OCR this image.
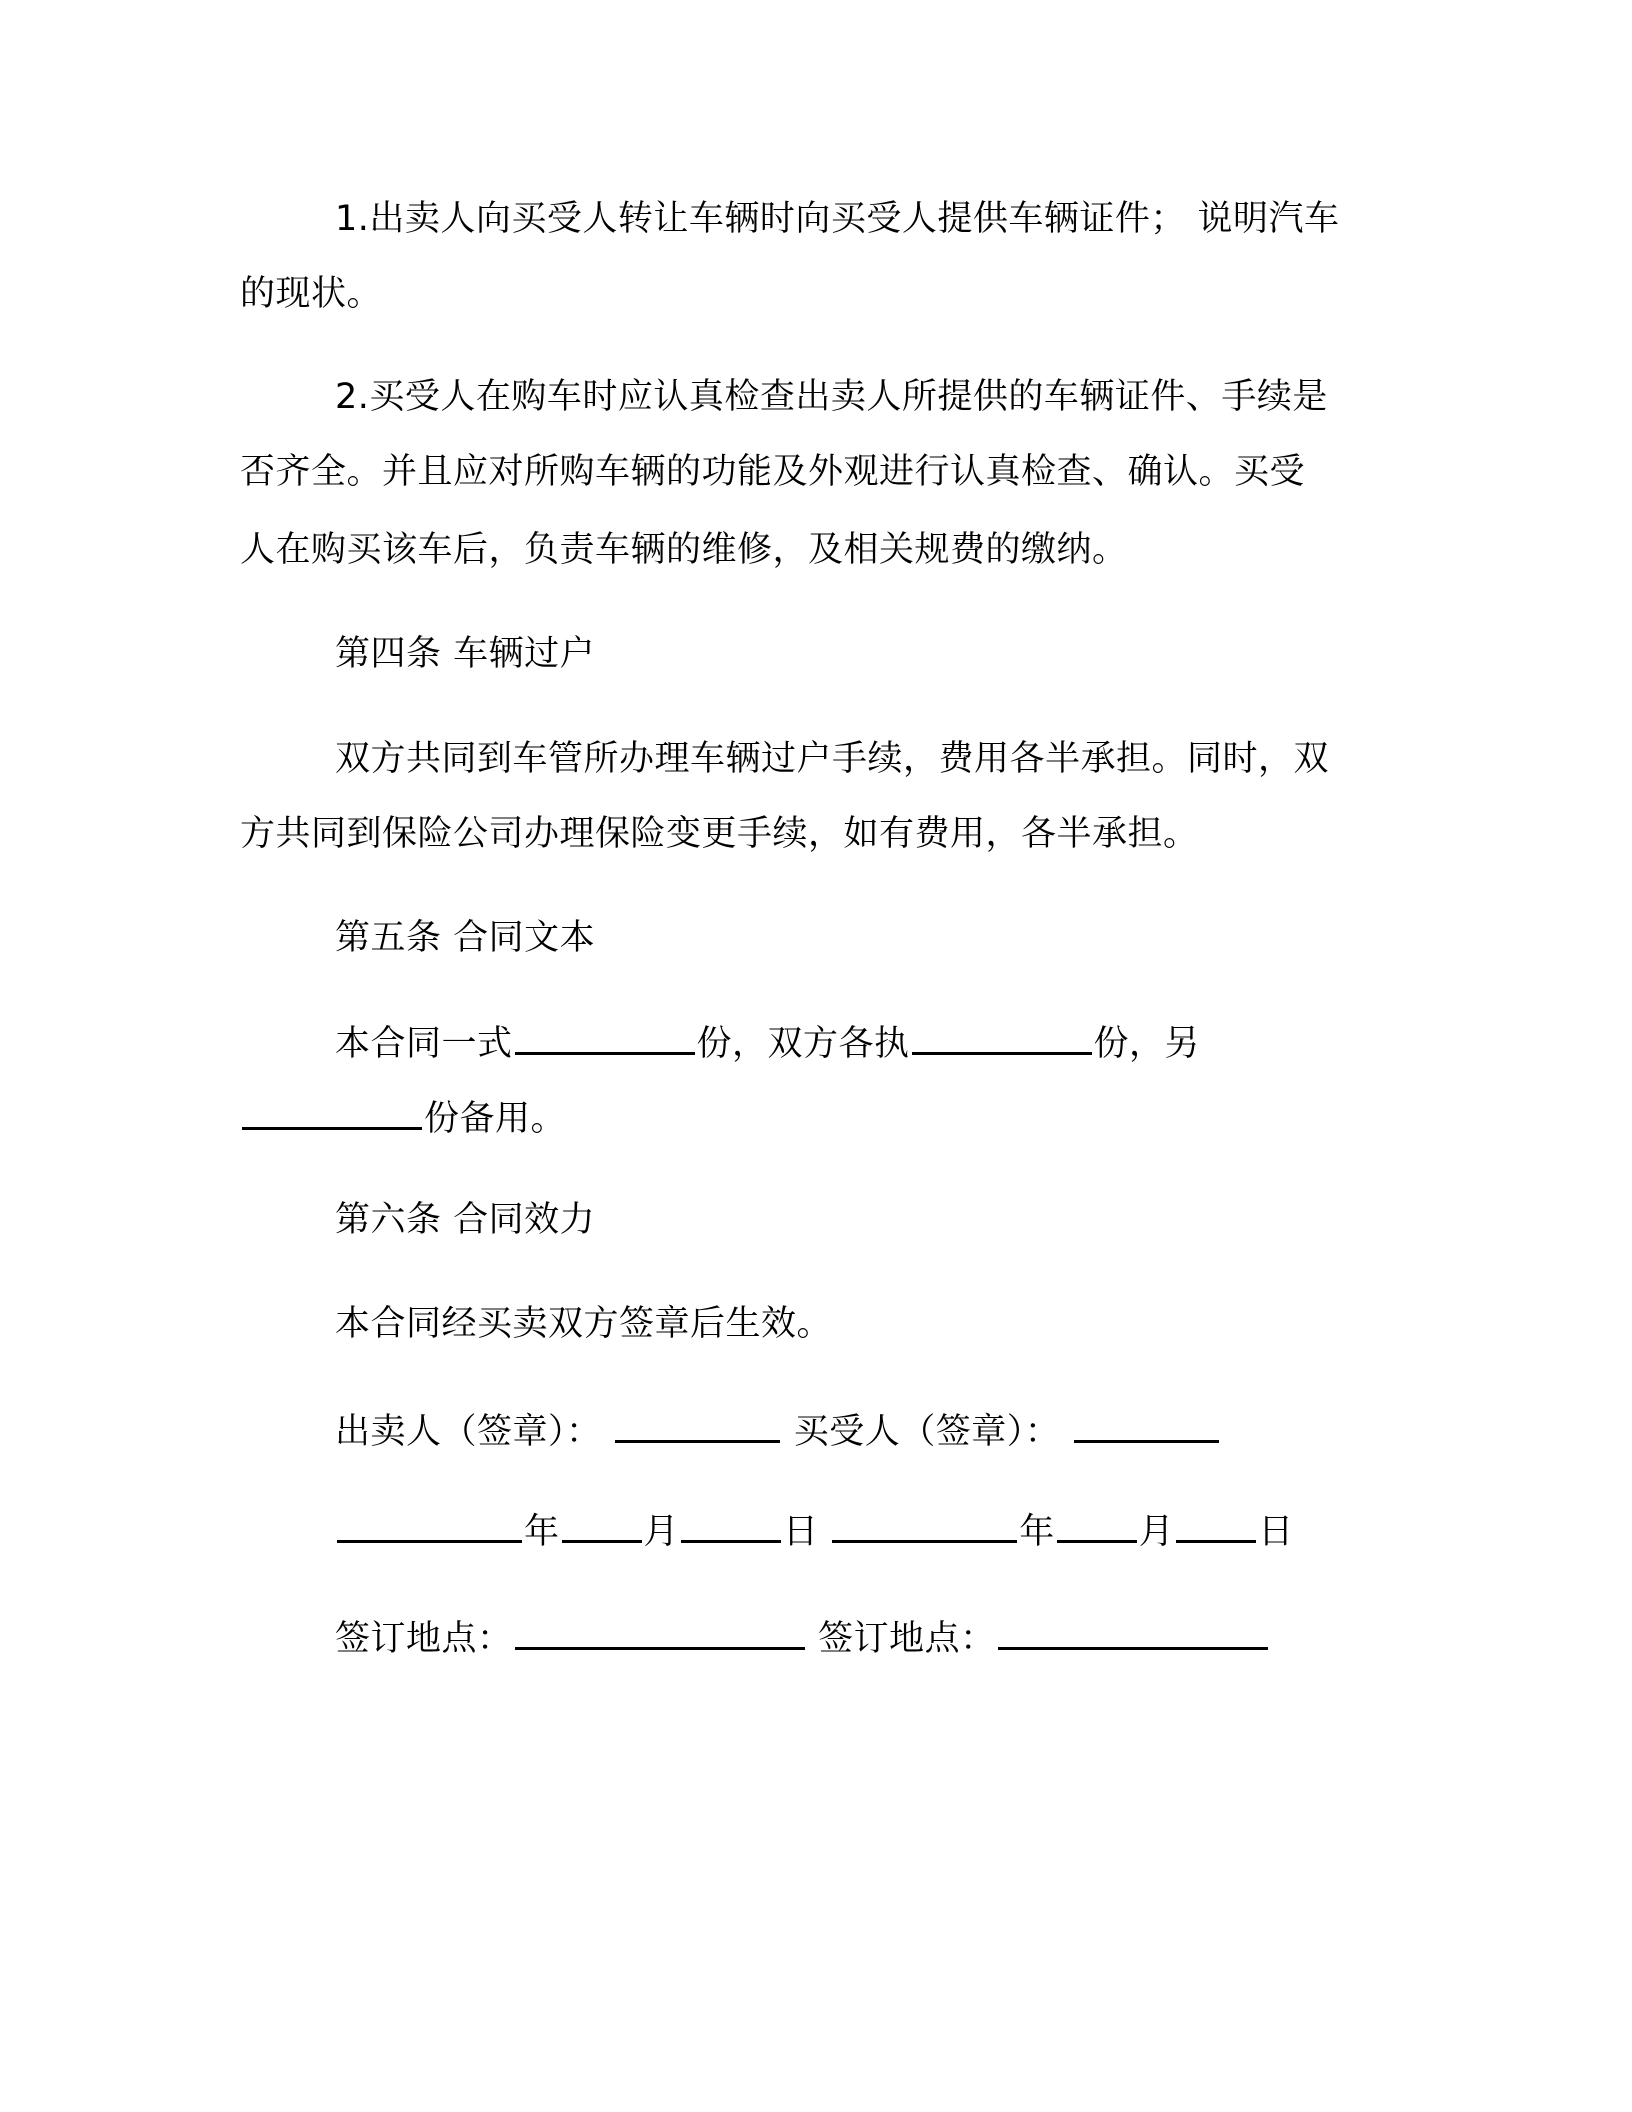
1.出卖人向买受人转让车辆时向买受人提供车辆证件； 说明汽车
的现状。
2.买受人在购车时应认真检查出卖人所提供的车辆证件、手续是
否齐全。并且应对所购车辆的功能及外观进行认真检查、确认。买受
人在购买该车后，负责车辆的维修，及相关规费的缴纳。
第四条 车辆过户
双方共同到车管所办理车辆过户手续，费用各半承担。同时，双
方共同到保险公司办理保险变更手续，如有费用，各半承担。
第五条 合同文本
本合同一式	份，双方各执	份，另
份备用。
第六条 合同效力
本合同经买卖双方签章后生效。
出卖人（签章）：	买受人（签章）：
年 月	日	年 月 日
签订地点：	签订地点：
